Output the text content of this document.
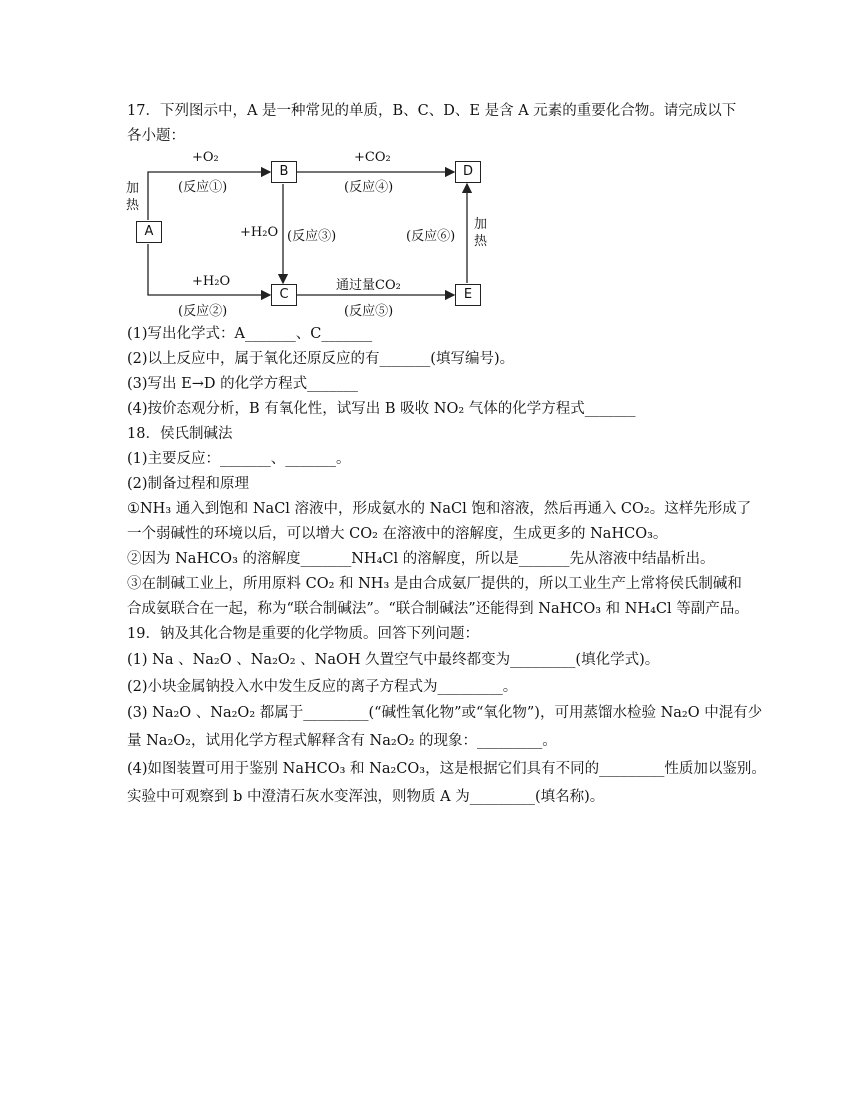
17．下列图示中，A 是一种常见的单质，B、C、D、E 是含 A 元素的重要化合物。请完成以下
各小题：
A
B
C
D
E
+O₂
(反应①)
+CO₂
(反应④)
+H₂O
(反应②)
通过量CO₂
(反应⑤)
+H₂O (反应③)	(反应⑥)
加热
加热
(1)写出化学式：A_______、C_______
(2)以上反应中，属于氧化还原反应的有_______(填写编号)。
(3)写出 E→D 的化学方程式_______
(4)按价态观分析，B 有氧化性，试写出 B 吸收 NO₂ 气体的化学方程式_______
18．侯氏制碱法
(1)主要反应：_______、_______。
(2)制备过程和原理
①NH₃ 通入到饱和 NaCl 溶液中，形成氨水的 NaCl 饱和溶液，然后再通入 CO₂。这样先形成了
一个弱碱性的环境以后，可以增大 CO₂ 在溶液中的溶解度，生成更多的 NaHCO₃。
②因为 NaHCO₃ 的溶解度_______NH₄Cl 的溶解度，所以是_______先从溶液中结晶析出。
③在制碱工业上，所用原料 CO₂ 和 NH₃ 是由合成氨厂提供的，所以工业生产上常将侯氏制碱和
合成氨联合在一起，称为“联合制碱法”。“联合制碱法”还能得到 NaHCO₃ 和 NH₄Cl 等副产品。
19．钠及其化合物是重要的化学物质。回答下列问题：
(1) Na 、Na₂O 、Na₂O₂ 、NaOH 久置空气中最终都变为_________(填化学式)。
(2)小块金属钠投入水中发生反应的离子方程式为_________。
(3) Na₂O 、Na₂O₂ 都属于_________(“碱性氧化物”或“氧化物”)，可用蒸馏水检验 Na₂O 中混有少
量 Na₂O₂，试用化学方程式解释含有 Na₂O₂ 的现象：_________。
(4)如图装置可用于鉴别 NaHCO₃ 和 Na₂CO₃，这是根据它们具有不同的_________性质加以鉴别。
实验中可观察到 b 中澄清石灰水变浑浊，则物质 A 为_________(填名称)。
